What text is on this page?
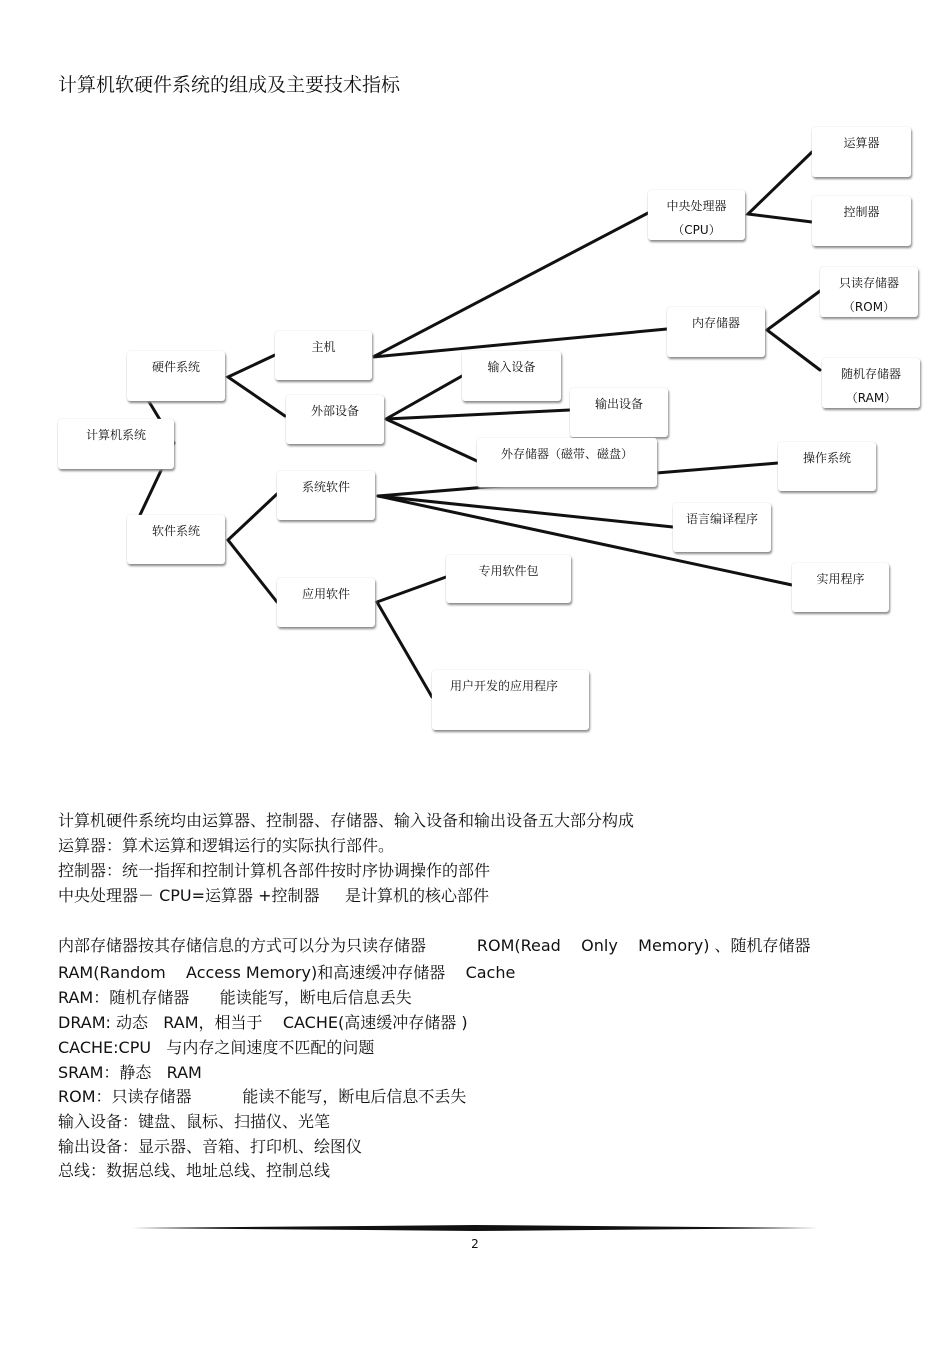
计算机软硬件系统的组成及主要技术指标
计算机系统
硬件系统
软件系统
主机
外部设备
中央处理器
（CPU）
内存储器
运算器
控制器
只读存储器
（ROM）
随机存储器
（RAM）
输入设备
输出设备
外存储器（磁带、磁盘）
系统软件
应用软件
操作系统
语言编译程序
实用程序
专用软件包
用户开发的应用程序
计算机硬件系统均由运算器、控制器、存储器、输入设备和输出设备五大部分构成
运算器：算术运算和逻辑运行的实际执行部件。
控制器：统一指挥和控制计算机各部件按时序协调操作的部件
中央处理器－ CPU=运算器 +控制器     是计算机的核心部件
内部存储器按其存储信息的方式可以分为只读存储器          ROM(Read    Only    Memory) 、随机存储器
RAM(Random    Access Memory)和高速缓冲存储器    Cache
RAM：随机存储器      能读能写，断电后信息丢失
DRAM: 动态   RAM，相当于    CACHE(高速缓冲存储器 )
CACHE:CPU   与内存之间速度不匹配的问题
SRAM：静态   RAM
ROM：只读存储器          能读不能写，断电后信息不丢失
输入设备：键盘、鼠标、扫描仪、光笔
输出设备：显示器、音箱、打印机、绘图仪
总线：数据总线、地址总线、控制总线
2
